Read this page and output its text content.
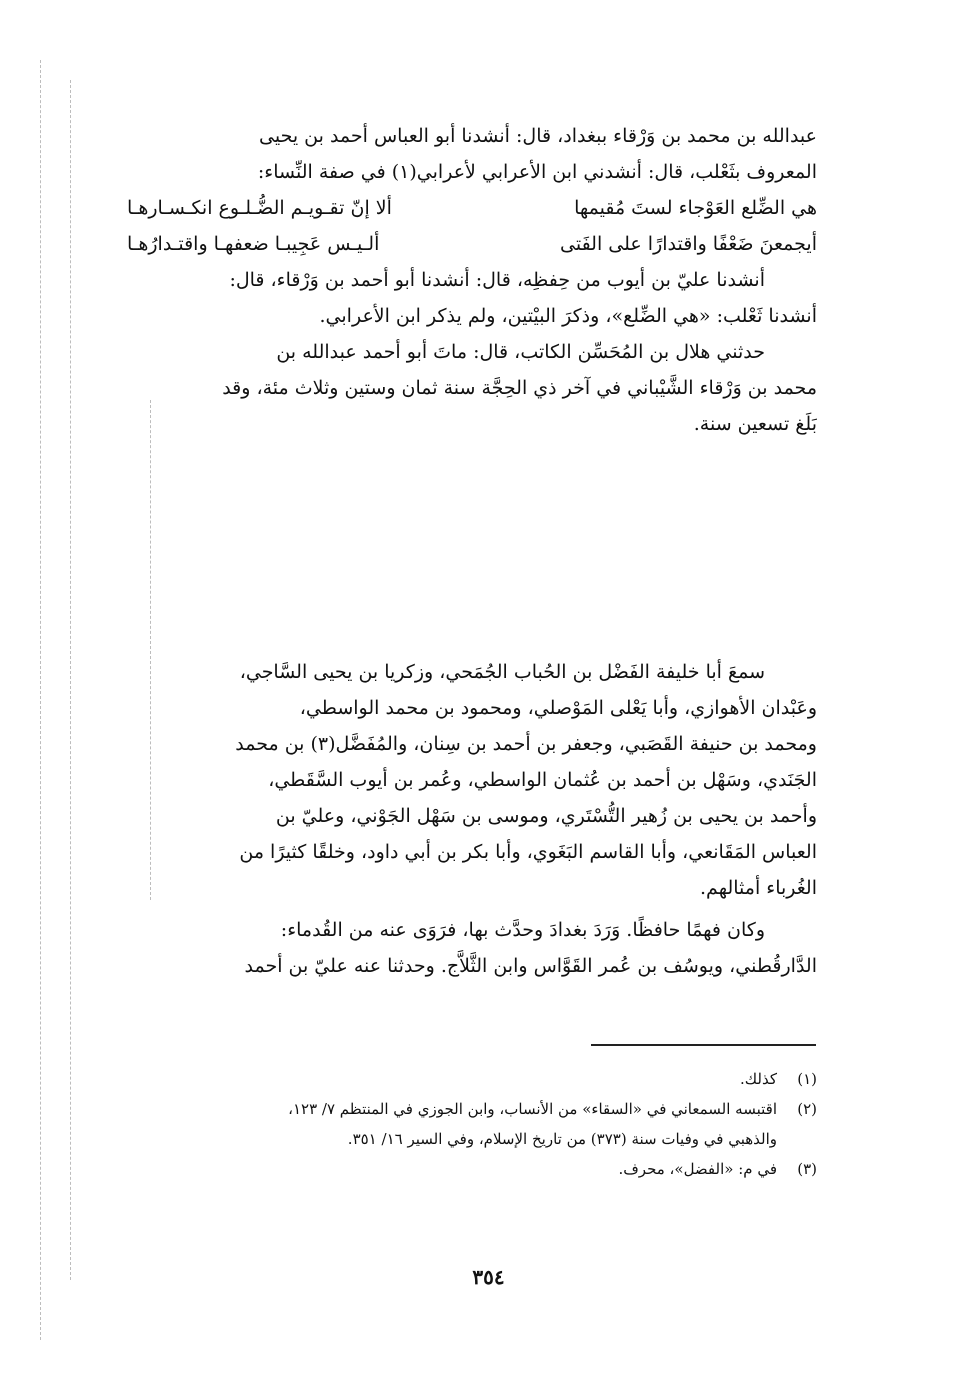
عبدالله بن محمد بن وَرْقاء ببغداد، قال: أنشدنا أبو العباس أحمد بن يحيى
المعروف بثَعْلب، قال: أنشدني ابن الأعرابي لأعرابي(١) في صفة النِّساء:
هي الضِّلع العَوْجاء لستَ مُقيمها
ألا إنّ تقـويـم الضُّـلـوع انكـسـارهـا
أيجمعنَ ضَعْفًا واقتدارًا على الفَتى
ألـيـس عَجِيبـا ضعفهـا واقتـدارُهـا
أنشدنا عليّ بن أيوب من حِفظِه، قال: أنشدنا أبو أحمد بن وَرْقاء، قال:
أنشدنا ثَعْلب: «هي الضِّلع»، وذكرَ البيْتين، ولم يذكر ابن الأعرابي.
حدثني هلال بن المُحَسِّن الكاتب، قال: ماتَ أبو أحمد عبدالله بن
محمد بن وَرْقاء الشَّيْباني في آخر ذي الحِجَّة سنة ثمان وستين وثلاث مئة، وقد
بَلَغ تسعين سنة.
سمعَ أبا خليفة الفَضْل بن الحُباب الجُمَحي، وزكريا بن يحيى السَّاجي،
وعَبْدان الأهوازي، وأبا يَعْلى المَوْصلي، ومحمود بن محمد الواسطي،
ومحمد بن حنيفة القَصَبي، وجعفر بن أحمد بن سِنان، والمُفَضَّل(٣) بن محمد
الجَنَدي، وسَهْل بن أحمد بن عُثمان الواسطي، وعُمر بن أيوب السَّقَطي،
وأحمد بن يحيى بن زُهير التُّسْتَري، وموسى بن سَهْل الجَوْني، وعليّ بن
العباس المَقَانعي، وأبا القاسم البَغَوي، وأبا بكر بن أبي داود، وخلقًا كثيرًا من
الغُرباء أمثالهم.
وكان فهمًا حافظًا. وَرَدَ بغدادَ وحدَّث بها، فرَوَى عنه من القُدماء:
الدَّارقُطني، ويوسُف بن عُمر القَوَّاس وابن الثَّلاَّج. وحدثنا عنه عليّ بن أحمد
(١)كذلك.
(٢)اقتبسه السمعاني في «السقاء» من الأنساب، وابن الجوزي في المنتظم ٧/ ١٢٣،
والذهبي في وفيات سنة (٣٧٣) من تاريخ الإسلام، وفي السير ١٦/ ٣٥١.
(٣)في م: «الفضل»، محرف.
٣٥٤
